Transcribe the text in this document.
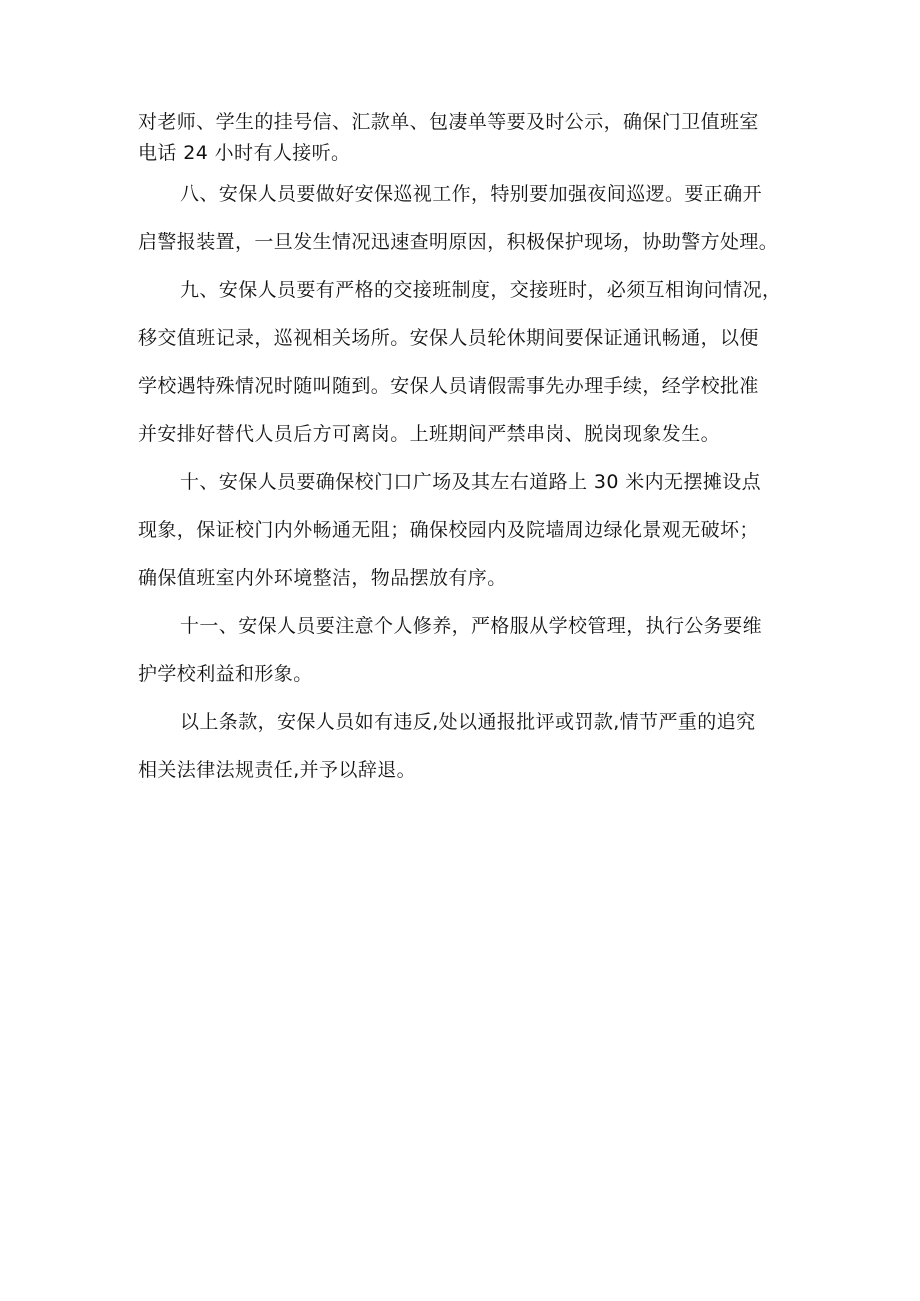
对老师、学生的挂号信、汇款单、包凄单等要及时公示，确保门卫值班室
电话 24 小时有人接听。
八、安保人员要做好安保巡视工作，特别要加强夜间巡逻。要正确开
启警报装置，一旦发生情况迅速查明原因，积极保护现场，协助警方处理。
九、安保人员要有严格的交接班制度，交接班时，必须互相询问情况，
移交值班记录，巡视相关场所。安保人员轮休期间要保证通讯畅通，以便
学校遇特殊情况时随叫随到。安保人员请假需事先办理手续，经学校批准
并安排好替代人员后方可离岗。上班期间严禁串岗、脱岗现象发生。
十、安保人员要确保校门口广场及其左右道路上 30 米内无摆摊设点
现象，保证校门内外畅通无阻；确保校园内及院墙周边绿化景观无破坏；
确保值班室内外环境整洁，物品摆放有序。
十一、安保人员要注意个人修养，严格服从学校管理，执行公务要维
护学校利益和形象。
以上条款，安保人员如有违反,处以通报批评或罚款,情节严重的追究
相关法律法规责任,并予以辞退。
